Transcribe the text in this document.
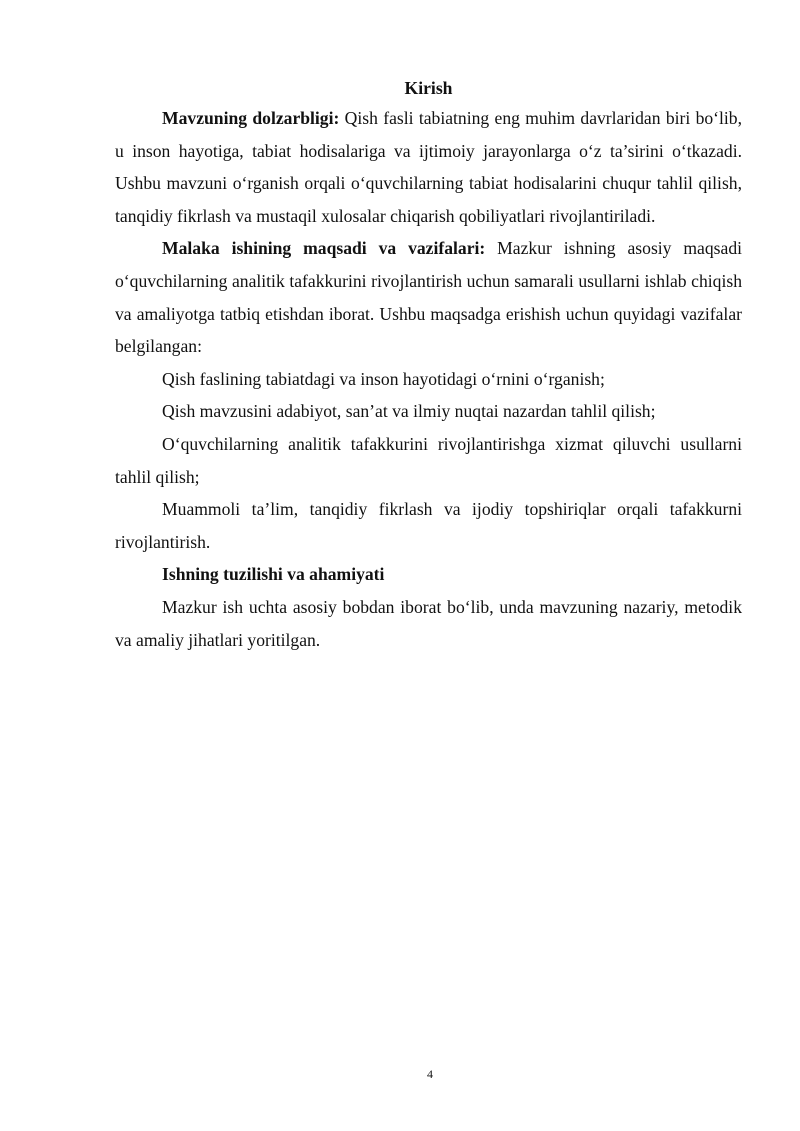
Kirish

Mavzuning dolzarbligi: Qish fasli tabiatning eng muhim davrlaridan biri bo‘lib, u inson hayotiga, tabiat hodisalariga va ijtimoiy jarayonlarga o‘z ta’sirini o‘tkazadi. Ushbu mavzuni o‘rganish orqali o‘quvchilarning tabiat hodisalarini chuqur tahlil qilish, tanqidiy fikrlash va mustaqil xulosalar chiqarish qobiliyatlari rivojlantiriladi.

Malaka ishining maqsadi va vazifalari: Mazkur ishning asosiy maqsadi o‘quvchilarning analitik tafakkurini rivojlantirish uchun samarali usullarni ishlab chiqish va amaliyotga tatbiq etishdan iborat. Ushbu maqsadga erishish uchun quyidagi vazifalar belgilangan:

Qish faslining tabiatdagi va inson hayotidagi o‘rnini o‘rganish;

Qish mavzusini adabiyot, san’at va ilmiy nuqtai nazardan tahlil qilish;

O‘quvchilarning analitik tafakkurini rivojlantirishga xizmat qiluvchi usullarni tahlil qilish;

Muammoli ta’lim, tanqidiy fikrlash va ijodiy topshiriqlar orqali tafakkurni rivojlantirish.

Ishning tuzilishi va ahamiyati

Mazkur ish uchta asosiy bobdan iborat bo‘lib, unda mavzuning nazariy, metodik va amaliy jihatlari yoritilgan.

4
